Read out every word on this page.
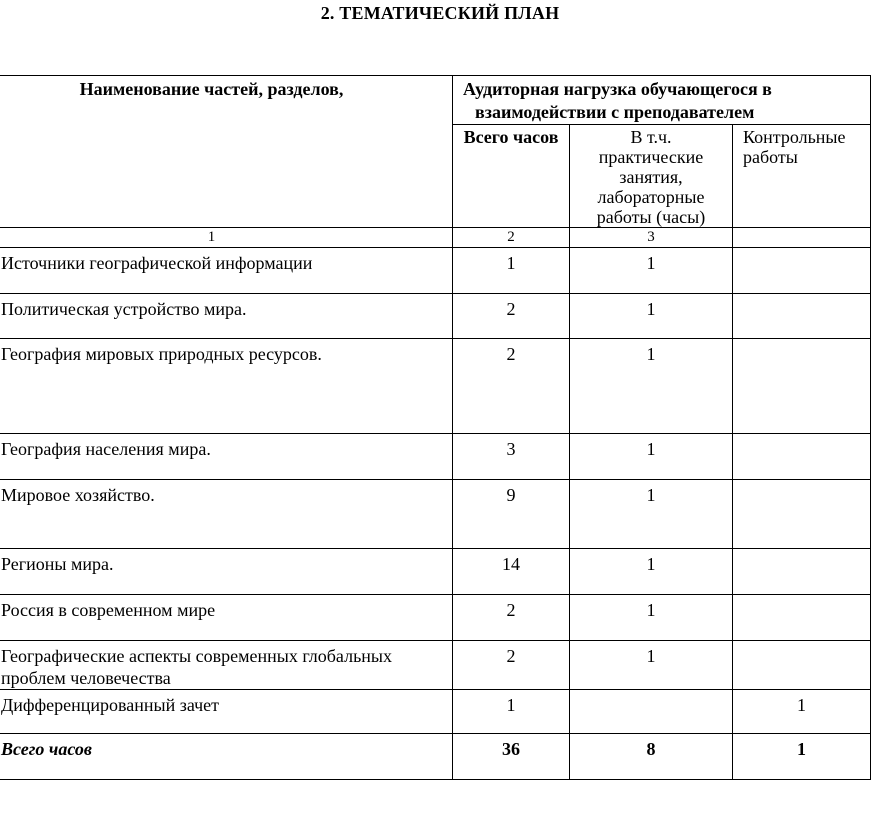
2. ТЕМАТИЧЕСКИЙ ПЛАН
Наименование частей, разделов,	Аудиторная нагрузка обучающегося в
взаимодействии с преподавателем		

	Всего часов	В т.ч. практические занятия, лабораторные работы (часы)	Контрольные работы
1	2	3	
Источники географической информации	1	1	
Политическая устройство мира.	2	1	
География мировых природных ресурсов.	2	1	
География населения мира.	3	1	
Мировое хозяйство.	9	1	
Регионы мира.	14	1	
Россия в современном мире	2	1	
Географические аспекты современных глобальных проблем человечества	2	1	
Дифференцированный зачет	1		1
Всего часов	36	8	1
